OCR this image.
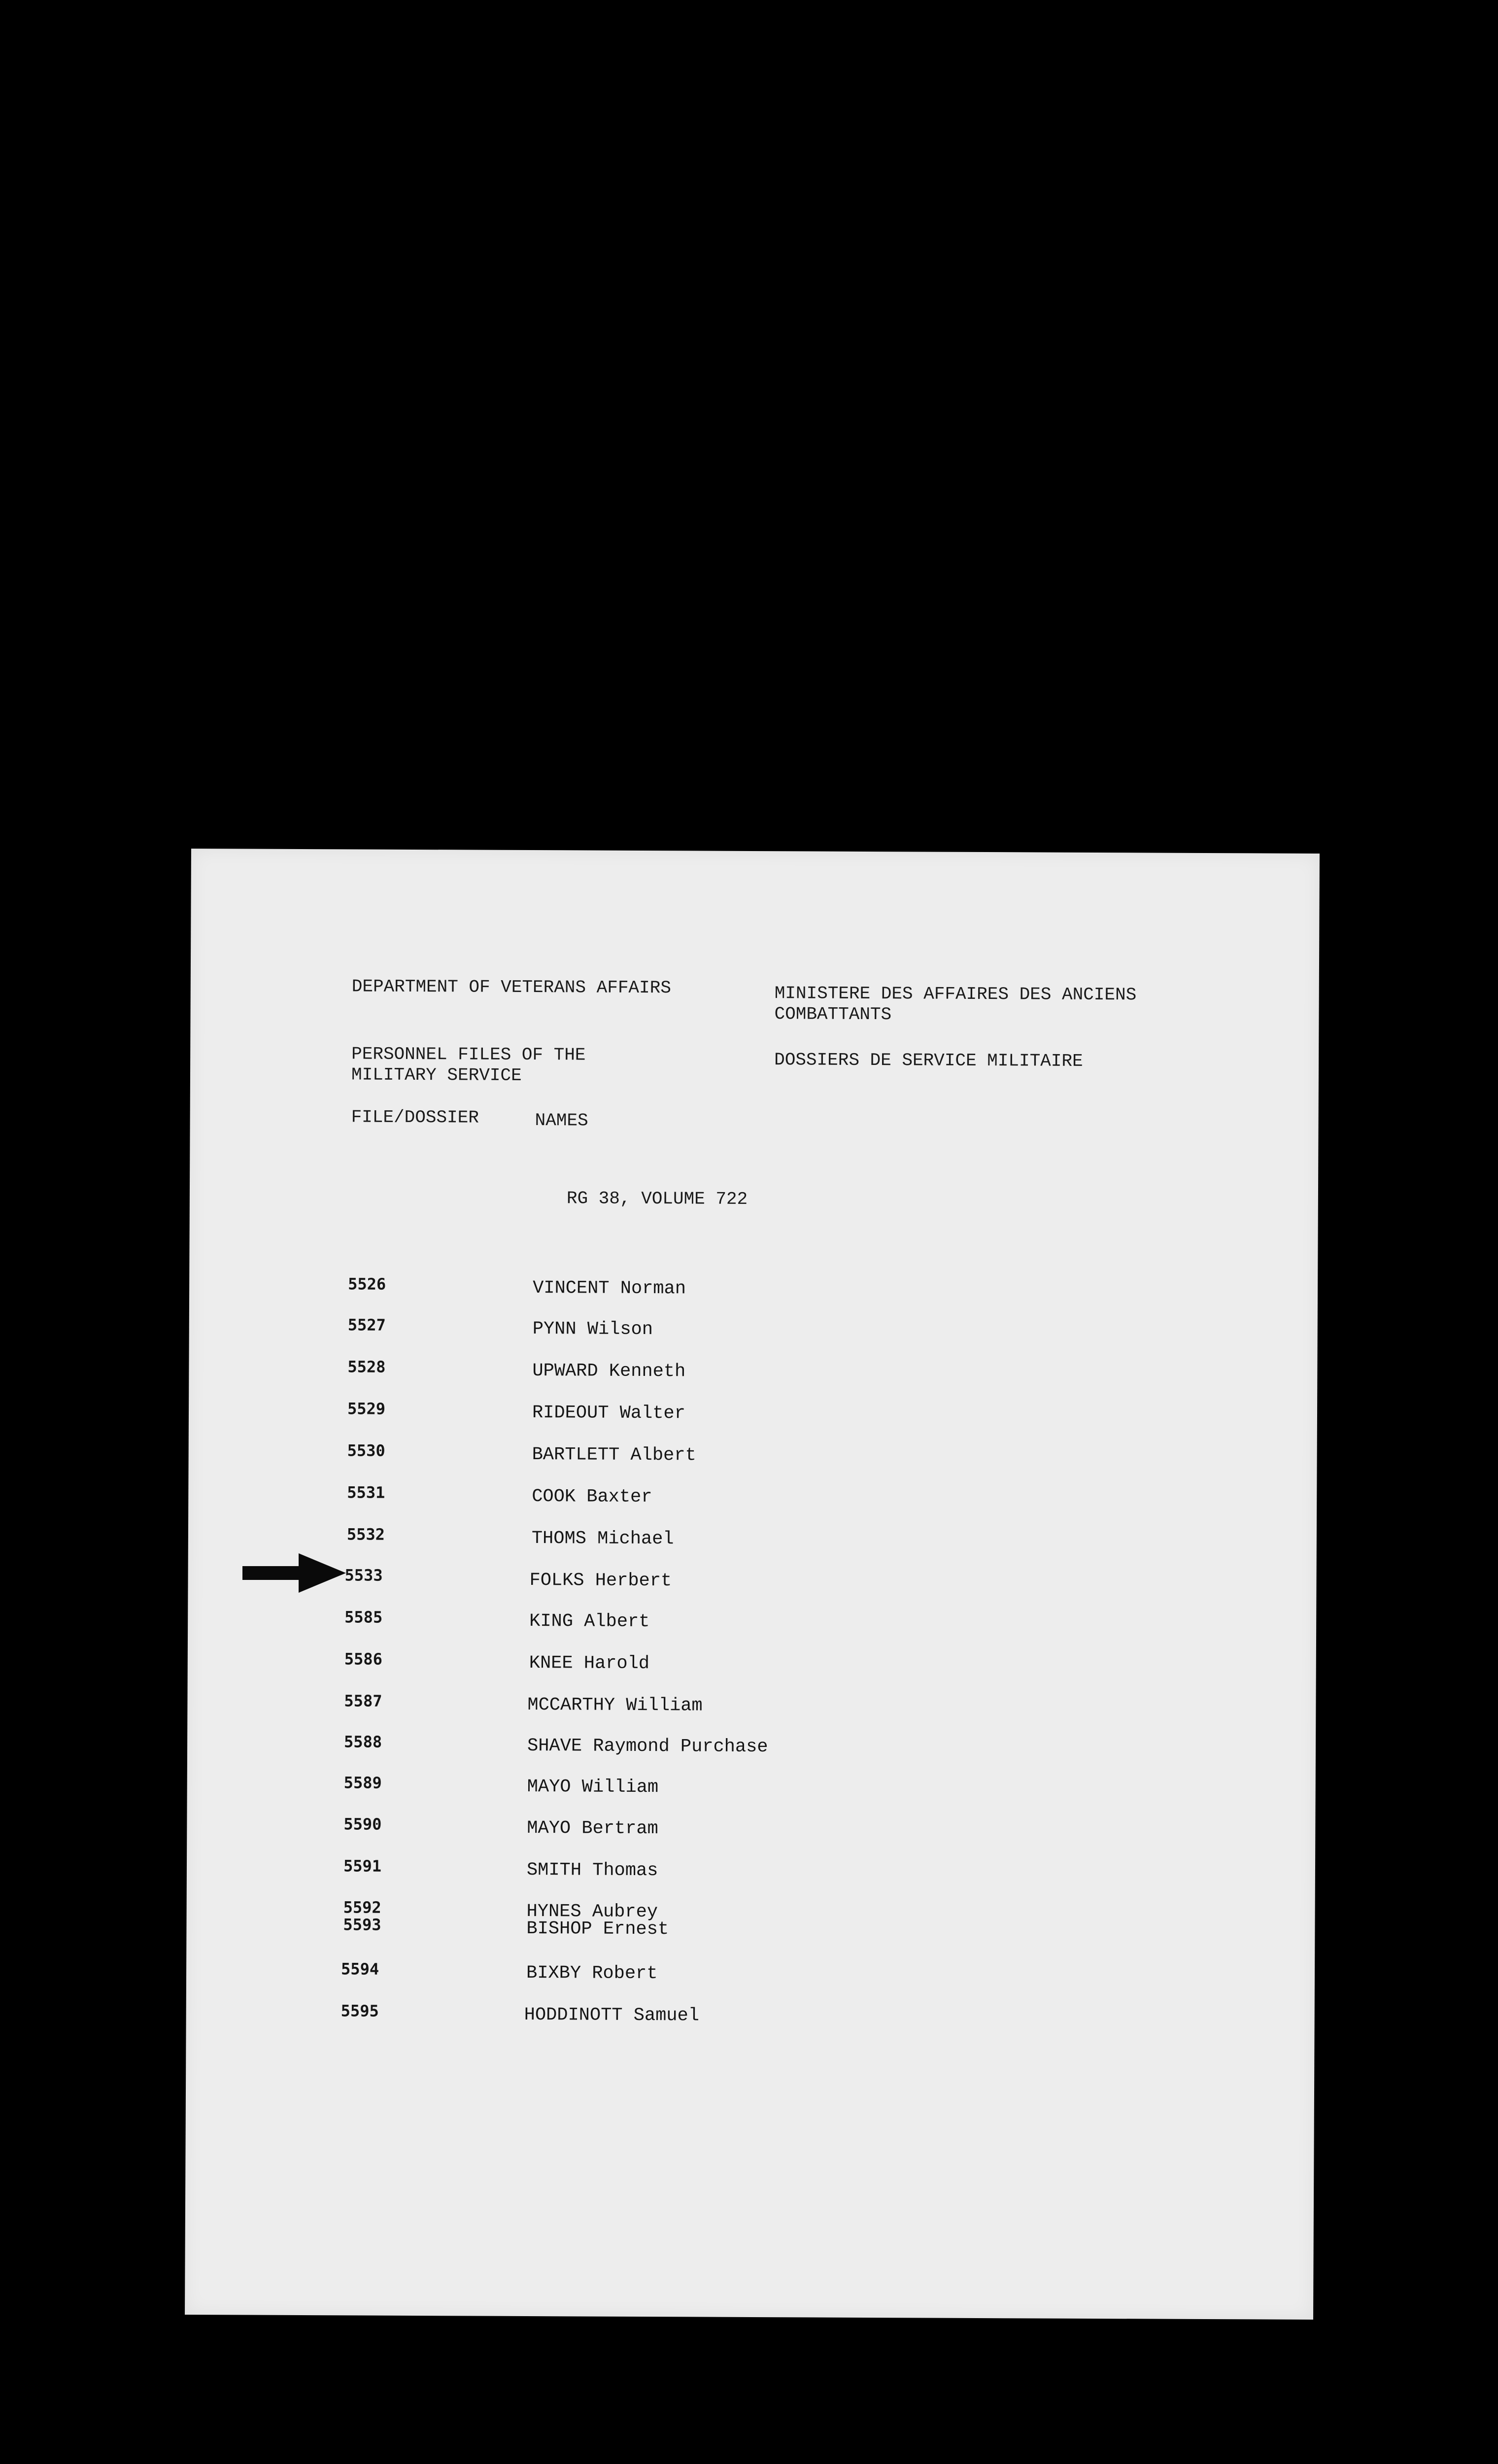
DEPARTMENT OF VETERANS AFFAIRS	MINISTERE DES AFFAIRES DES ANCIENS

COMBATTANTS

PERSONNEL FILES OF THE

MILITARY SERVICE

DOSSIERS DE SERVICE MILITAIRE

FILE/DOSSIER	NAMES

RG 38, VOLUME 722

5526	VINCENT Norman
5527	PYNN Wilson
5528	UPWARD Kenneth
5529	RIDEOUT Walter
5530	BARTLETT Albert
5531	COOK Baxter
5532	THOMS Michael
5533	FOLKS Herbert
5585	KING Albert
5586	KNEE Harold
5587	MCCARTHY William
5588	SHAVE Raymond Purchase
5589	MAYO William
5590	MAYO Bertram
5591	SMITH Thomas
5592	HYNES Aubrey
5593	BISHOP Ernest
5594	BIXBY Robert
5595	HODDINOTT Samuel
